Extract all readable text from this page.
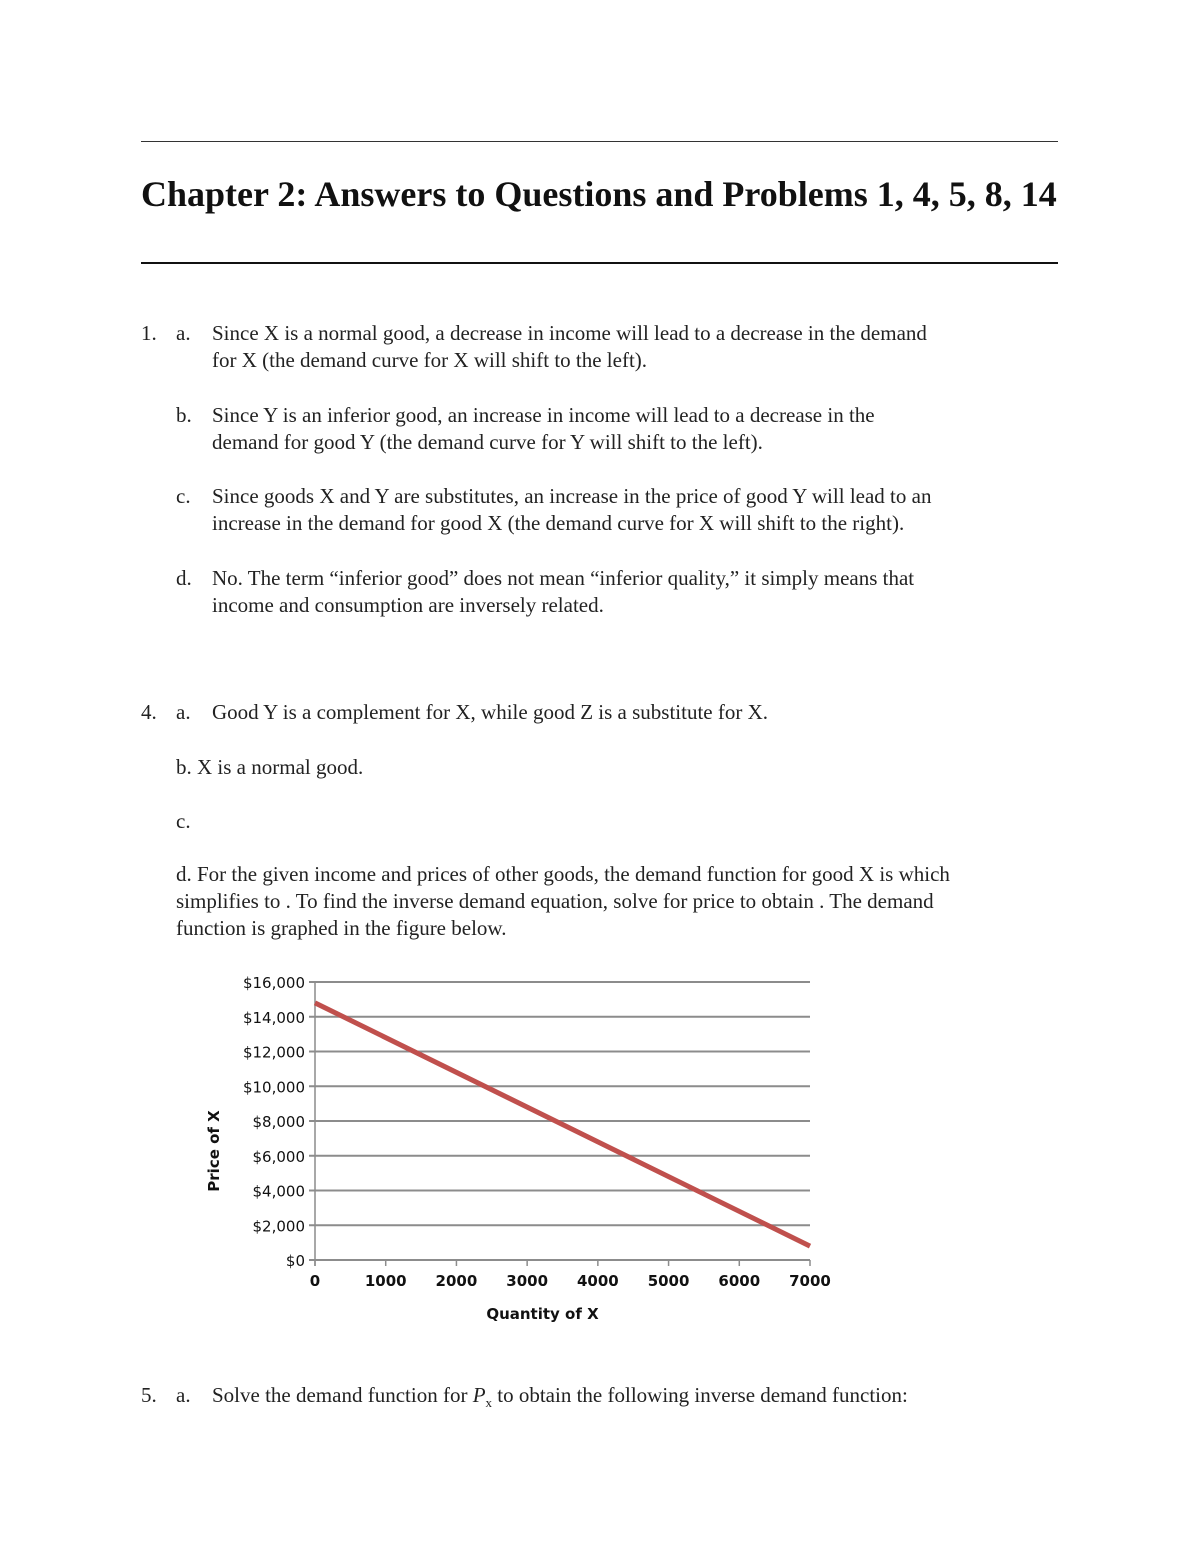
Chapter 2: Answers to Questions and Problems 1, 4, 5, 8, 14
1. a. Since X is a normal good, a decrease in income will lead to a decrease in the demand
for X (the demand curve for X will shift to the left).
b. Since Y is an inferior good, an increase in income will lead to a decrease in the
demand for good Y (the demand curve for Y will shift to the left).
c. Since goods X and Y are substitutes, an increase in the price of good Y will lead to an
increase in the demand for good X (the demand curve for X will shift to the right).
d. No. The term “inferior good” does not mean “inferior quality,” it simply means that
income and consumption are inversely related.
4. a. Good Y is a complement for X, while good Z is a substitute for X.
b. X is a normal good.
c.
d. For the given income and prices of other goods, the demand function for good X is which
simplifies to . To find the inverse demand equation, solve for price to obtain . The demand
function is graphed in the figure below.
$0
$2,000
$4,000
$6,000
$8,000
$10,000
$12,000
$14,000
$16,000
0	1000 2000 3000 4000 5000 6000 7000
Quantity of X
Price of X
5. a. Solve the demand function for $P_x$ to obtain the following inverse demand function:
